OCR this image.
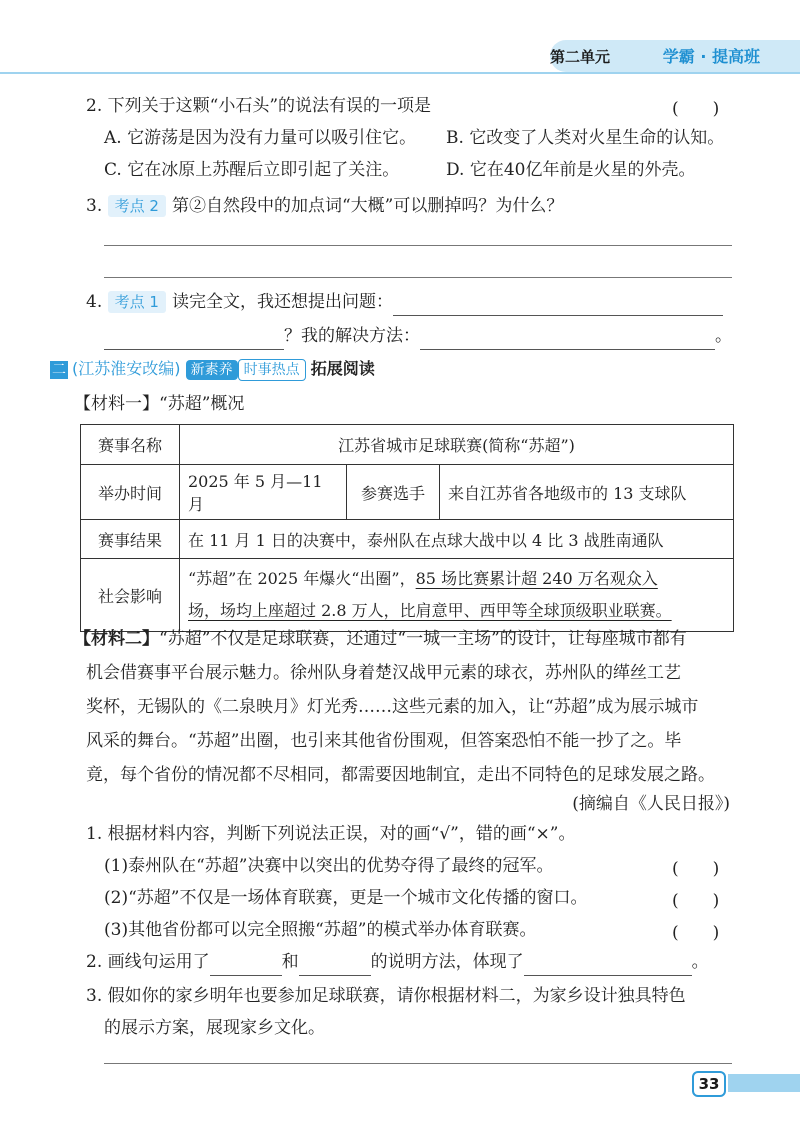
第二单元	学霸 · 提高班
2. 下列关于这颗“小石头”的说法有误的一项是	(　　)
A. 它游荡是因为没有力量可以吸引住它。 B. 它改变了人类对火星生命的认知。
C. 它在冰原上苏醒后立即引起了关注。	D. 它在40亿年前是火星的外壳。
3. 考点 2 第②自然段中的加点词“大概”可以删掉吗？为什么？
4. 考点 1 读完全文，我还想提出问题：
？我的解决方法：	。
二 (江苏淮安改编) 新素养 时事热点 拓展阅读
【材料一】“苏超”概况
赛事名称	江苏省城市足球联赛(简称“苏超”)		
举办时间	2025 年 5 月—11 月	参赛选手	来自江苏省各地级市的 13 支球队
赛事结果	在 11 月 1 日的决赛中，泰州队在点球大战中以 4 比 3 战胜南通队		
社会影响	“苏超”在 2025 年爆火“出圈”，85 场比赛累计超 240 万名观众入
场，场均上座超过 2.8 万人，比肩意甲、西甲等全球顶级职业联赛。		
【材料二】“苏超”不仅是足球联赛，还通过“一城一主场”的设计，让每座城市都有
机会借赛事平台展示魅力。徐州队身着楚汉战甲元素的球衣，苏州队的缂丝工艺
奖杯，无锡队的《二泉映月》灯光秀……这些元素的加入，让“苏超”成为展示城市
风采的舞台。“苏超”出圈，也引来其他省份围观，但答案恐怕不能一抄了之。毕
竟，每个省份的情况都不尽相同，都需要因地制宜，走出不同特色的足球发展之路。
(摘编自《人民日报》)
1. 根据材料内容，判断下列说法正误，对的画“√”，错的画“×”。
(1)泰州队在“苏超”决赛中以突出的优势夺得了最终的冠军。	(　　)
(2)“苏超”不仅是一场体育联赛，更是一个城市文化传播的窗口。	(　　)
(3)其他省份都可以完全照搬“苏超”的模式举办体育联赛。	(　　)
2. 画线句运用了	和	的说明方法，体现了	。
3. 假如你的家乡明年也要参加足球联赛，请你根据材料二，为家乡设计独具特色
的展示方案，展现家乡文化。
33
